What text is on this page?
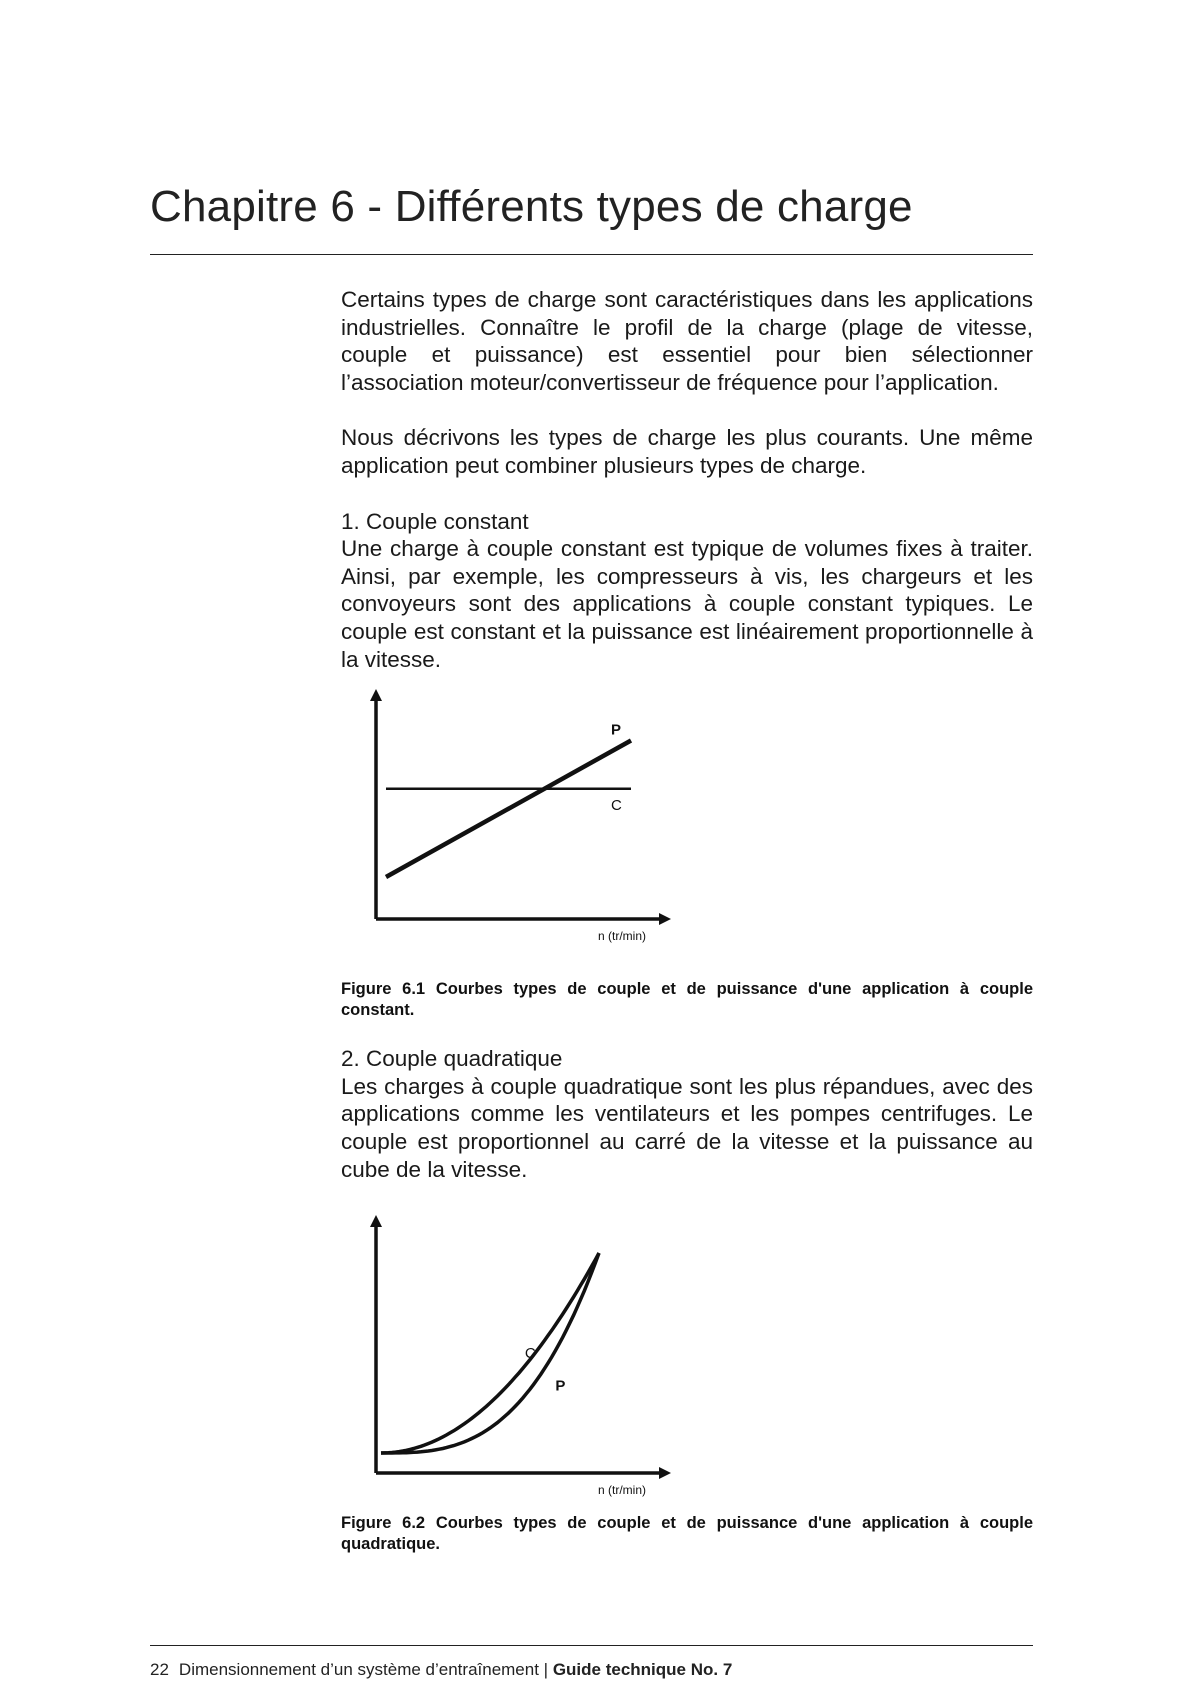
Chapitre 6 - Différents types de charge

Certains types de charge sont caractéristiques dans les applications industrielles. Connaître le profil de la charge (plage de vitesse, couple et puissance) est essentiel pour bien sélectionner l’association moteur/convertisseur de fréquence pour l’application.

Nous décrivons les types de charge les plus courants. Une même application peut combiner plusieurs types de charge.

1. Couple constant

Une charge à couple constant est typique de volumes fixes à traiter. Ainsi, par exemple, les compresseurs à vis, les chargeurs et les convoyeurs sont des applications à couple constant typiques. Le couple est constant et la puissance est linéairement proportionnelle à la vitesse.

n (tr/min)
P
C

Figure 6.1 Courbes types de couple et de puissance d'une application à couple constant.

2. Couple quadratique

Les charges à couple quadratique sont les plus répandues, avec des applications comme les ventilateurs et les pompes centrifuges. Le couple est proportionnel au carré de la vitesse et la puissance au cube de la vitesse.

n (tr/min)
C
P

Figure 6.2 Courbes types de couple et de puissance d'une application à couple quadratique.

22 Dimensionnement d’un système d’entraînement | Guide technique No. 7
